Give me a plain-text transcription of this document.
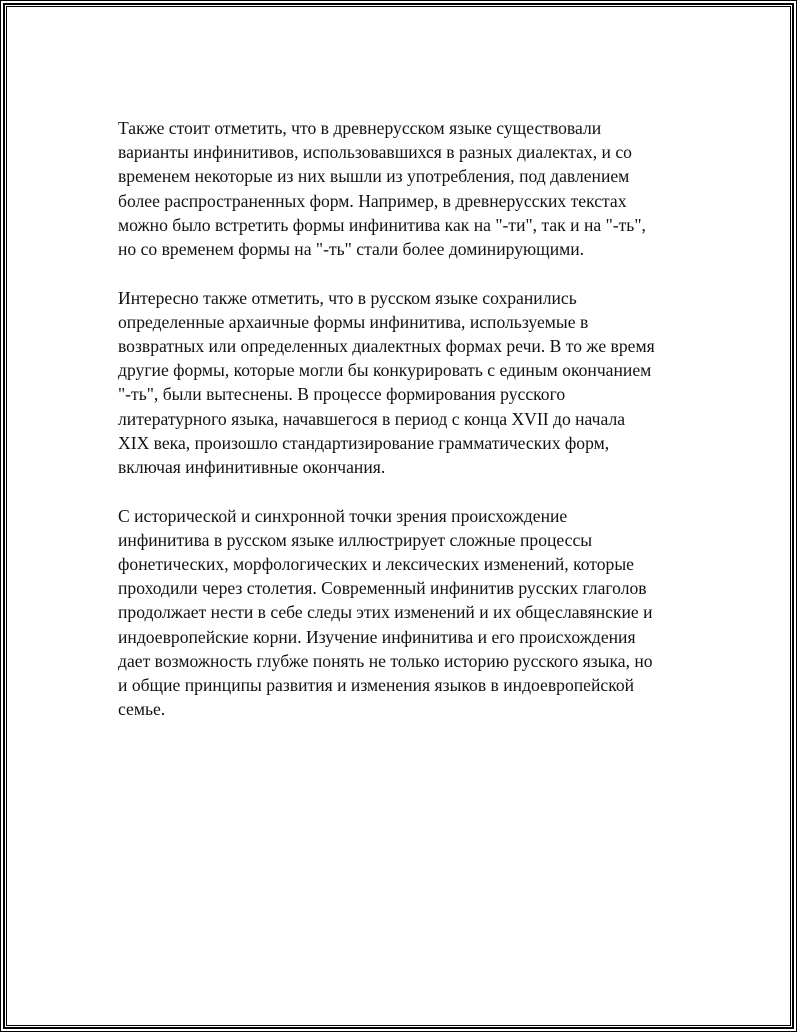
Также стоит отметить, что в древнерусском языке существовали
варианты инфинитивов, использовавшихся в разных диалектах, и со
временем некоторые из них вышли из употребления, под давлением
более распространенных форм. Например, в древнерусских текстах
можно было встретить формы инфинитива как на "-ти", так и на "-ть",
но со временем формы на "-ть" стали более доминирующими.

Интересно также отметить, что в русском языке сохранились
определенные архаичные формы инфинитива, используемые в
возвратных или определенных диалектных формах речи. В то же время
другие формы, которые могли бы конкурировать с единым окончанием
"-ть", были вытеснены. В процессе формирования русского
литературного языка, начавшегося в период с конца XVII до начала
XIX века, произошло стандартизирование грамматических форм,
включая инфинитивные окончания.

С исторической и синхронной точки зрения происхождение
инфинитива в русском языке иллюстрирует сложные процессы
фонетических, морфологических и лексических изменений, которые
проходили через столетия. Современный инфинитив русских глаголов
продолжает нести в себе следы этих изменений и их общеславянские и
индоевропейские корни. Изучение инфинитива и его происхождения
дает возможность глубже понять не только историю русского языка, но
и общие принципы развития и изменения языков в индоевропейской
семье.
